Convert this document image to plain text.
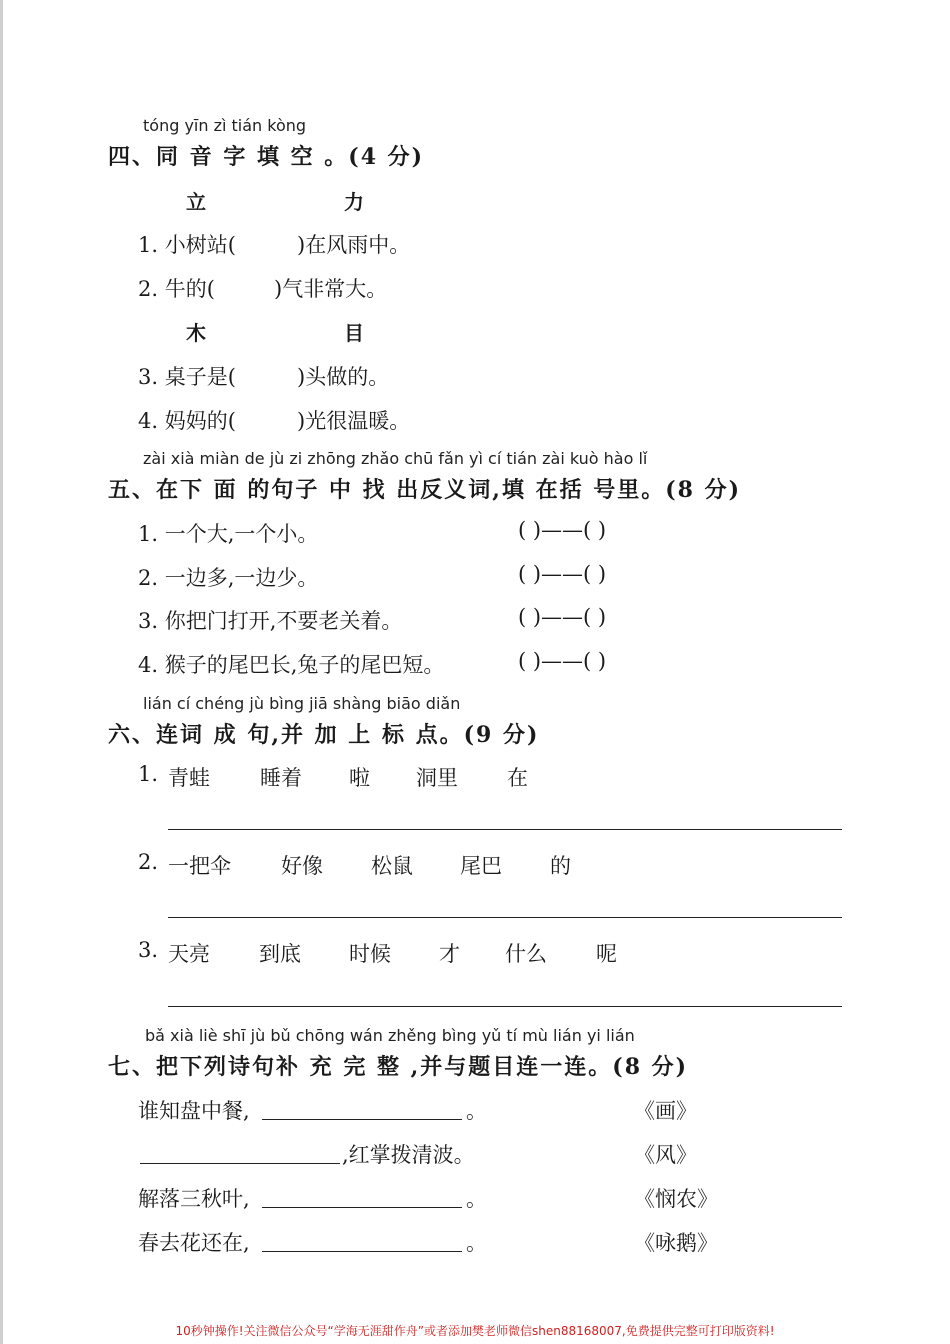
tóng yīn zì tián kòng
四、同 音 字 填 空 。(4 分)
立	力
1. 小树站(	)在风雨中。
2. 牛的(	)气非常大。
木	目
3. 桌子是(	)头做的。
4. 妈妈的(	)光很温暖。
zài xià miàn de jù zi zhōng zhǎo chū fǎn yì cí tián zài kuò hào lǐ
五、在下 面 的句子 中 找 出反义词,填 在括 号里。(8 分)
1. 一个大,一个小。	( )——( )
2. 一边多,一边少。	( )——( )
3. 你把门打开,不要老关着。	( )——( )
4. 猴子的尾巴长,兔子的尾巴短。	( )——( )
lián cí chéng jù bìng jiā shàng biāo diǎn
六、连词 成 句,并 加 上 标 点。(9 分)
1. 青蛙 睡着 啦 洞里 在
2. 一把伞 好像 松鼠 尾巴 的
3. 天亮 到底 时候 才 什么 呢
bǎ xià liè shī jù bǔ chōng wán zhěng bìng yǔ tí mù lián yi lián
七、把下列诗句补 充 完 整 ,并与题目连一连。(8 分)
谁知盘中餐,	。	《画》
,红掌拨清波。	《风》
解落三秋叶,	。	《悯农》
春去花还在,	。	《咏鹅》
10秒钟操作!关注微信公众号“学海无涯甜作舟”或者添加樊老师微信shen88168007,免费提供完整可打印版资料!
